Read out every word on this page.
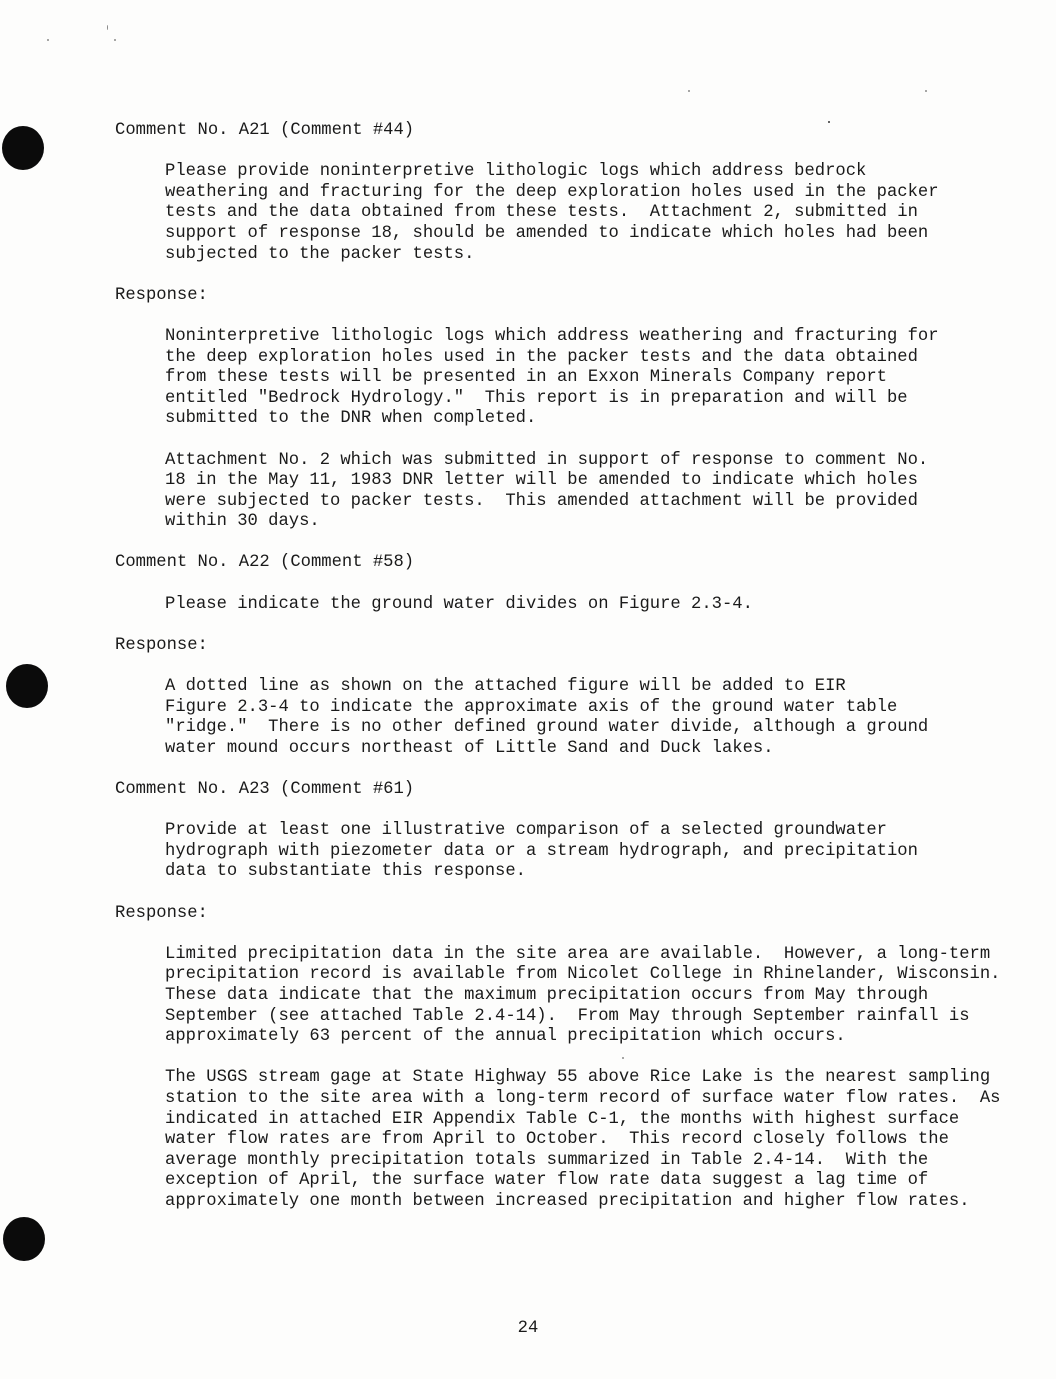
Comment No. A21 (Comment #44)
Please provide noninterpretive lithologic logs which address bedrock
weathering and fracturing for the deep exploration holes used in the packer
tests and the data obtained from these tests.  Attachment 2, submitted in
support of response 18, should be amended to indicate which holes had been
subjected to the packer tests.
Response:
Noninterpretive lithologic logs which address weathering and fracturing for
the deep exploration holes used in the packer tests and the data obtained
from these tests will be presented in an Exxon Minerals Company report
entitled "Bedrock Hydrology."  This report is in preparation and will be
submitted to the DNR when completed.
Attachment No. 2 which was submitted in support of response to comment No.
18 in the May 11, 1983 DNR letter will be amended to indicate which holes
were subjected to packer tests.  This amended attachment will be provided
within 30 days.
Comment No. A22 (Comment #58)
Please indicate the ground water divides on Figure 2.3-4.
Response:
A dotted line as shown on the attached figure will be added to EIR
Figure 2.3-4 to indicate the approximate axis of the ground water table
"ridge."  There is no other defined ground water divide, although a ground
water mound occurs northeast of Little Sand and Duck lakes.
Comment No. A23 (Comment #61)
Provide at least one illustrative comparison of a selected groundwater
hydrograph with piezometer data or a stream hydrograph, and precipitation
data to substantiate this response.
Response:
Limited precipitation data in the site area are available.  However, a long-term
precipitation record is available from Nicolet College in Rhinelander, Wisconsin.
These data indicate that the maximum precipitation occurs from May through
September (see attached Table 2.4-14).  From May through September rainfall is
approximately 63 percent of the annual precipitation which occurs.
The USGS stream gage at State Highway 55 above Rice Lake is the nearest sampling
station to the site area with a long-term record of surface water flow rates.  As
indicated in attached EIR Appendix Table C-1, the months with highest surface
water flow rates are from April to October.  This record closely follows the
average monthly precipitation totals summarized in Table 2.4-14.  With the
exception of April, the surface water flow rate data suggest a lag time of
approximately one month between increased precipitation and higher flow rates.
24
